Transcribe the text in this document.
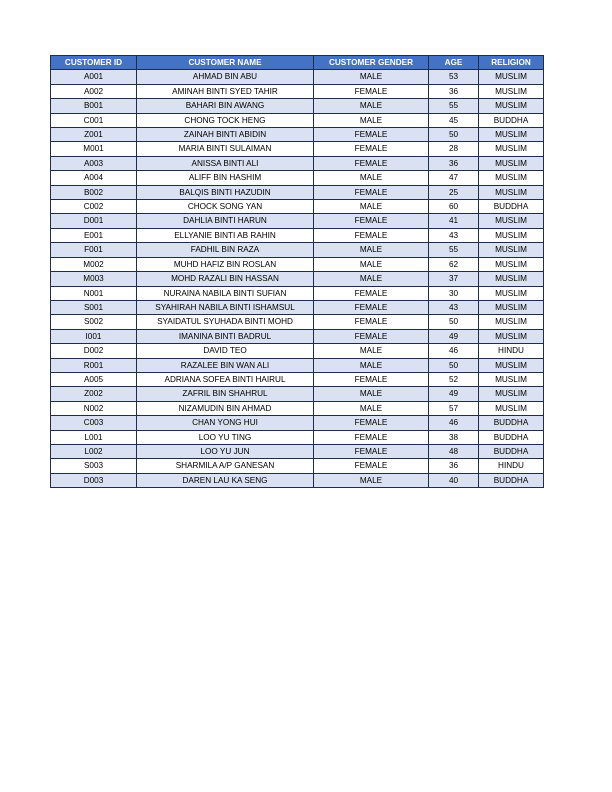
CUSTOMER ID	CUSTOMER NAME	CUSTOMER GENDER	AGE	RELIGION
A001	AHMAD BIN ABU	MALE	53	MUSLIM
A002	AMINAH BINTI SYED TAHIR	FEMALE	36	MUSLIM
B001	BAHARI BIN AWANG	MALE	55	MUSLIM
C001	CHONG TOCK HENG	MALE	45	BUDDHA
Z001	ZAINAH BINTI ABIDIN	FEMALE	50	MUSLIM
M001	MARIA BINTI SULAIMAN	FEMALE	28	MUSLIM
A003	ANISSA BINTI ALI	FEMALE	36	MUSLIM
A004	ALIFF BIN HASHIM	MALE	47	MUSLIM
B002	BALQIS BINTI HAZUDIN	FEMALE	25	MUSLIM
C002	CHOCK SONG YAN	MALE	60	BUDDHA
D001	DAHLIA BINTI HARUN	FEMALE	41	MUSLIM
E001	ELLYANIE BINTI AB RAHIN	FEMALE	43	MUSLIM
F001	FADHIL BIN RAZA	MALE	55	MUSLIM
M002	MUHD HAFIZ BIN ROSLAN	MALE	62	MUSLIM
M003	MOHD RAZALI BIN HASSAN	MALE	37	MUSLIM
N001	NURAINA NABILA BINTI SUFIAN	FEMALE	30	MUSLIM
S001	SYAHIRAH NABILA BINTI ISHAMSUL	FEMALE	43	MUSLIM
S002	SYAIDATUL SYUHADA BINTI MOHD	FEMALE	50	MUSLIM
I001	IMANINA BINTI BADRUL	FEMALE	49	MUSLIM
D002	DAVID TEO	MALE	46	HINDU
R001	RAZALEE BIN WAN ALI	MALE	50	MUSLIM
A005	ADRIANA SOFEA BINTI HAIRUL	FEMALE	52	MUSLIM
Z002	ZAFRIL BIN SHAHRUL	MALE	49	MUSLIM
N002	NIZAMUDIN BIN AHMAD	MALE	57	MUSLIM
C003	CHAN YONG HUI	FEMALE	46	BUDDHA
L001	LOO YU TING	FEMALE	38	BUDDHA
L002	LOO YU JUN	FEMALE	48	BUDDHA
S003	SHARMILA A/P GANESAN	FEMALE	36	HINDU
D003	DAREN LAU KA SENG	MALE	40	BUDDHA
